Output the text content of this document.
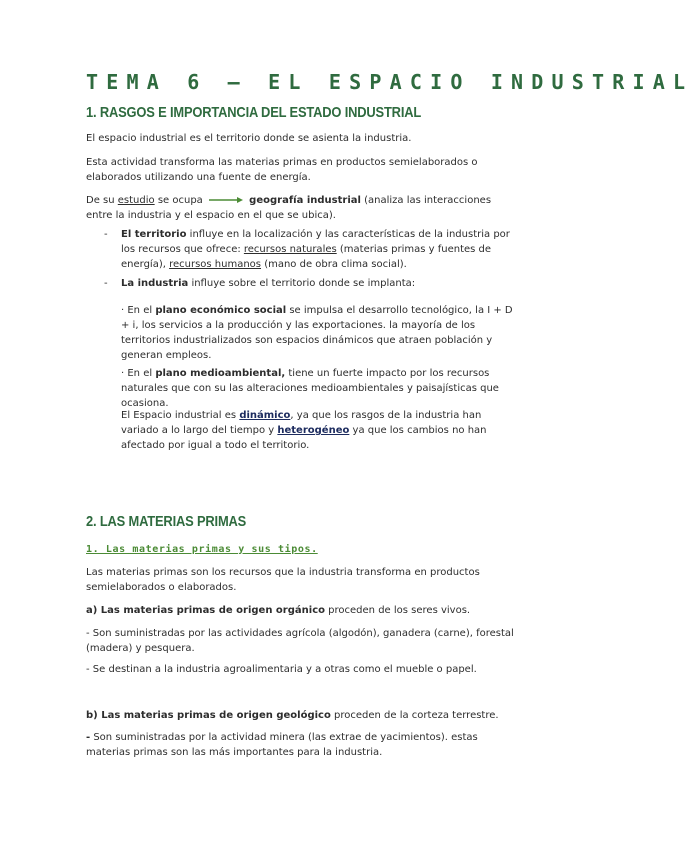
TEMA 6 – EL ESPACIO INDUSTRIAL
1. RASGOS E IMPORTANCIA DEL ESTADO INDUSTRIAL
El espacio industrial es el territorio donde se asienta la industria.
Esta actividad transforma las materias primas en productos semielaborados o elaborados utilizando una fuente de energía.
De su estudio se ocupa	geografía industrial (analiza las interacciones entre la industria y el espacio en el que se ubica).
- El territorio influye en la localización y las características de la industria por los recursos que ofrece: recursos naturales (materias primas y fuentes de energía), recursos humanos (mano de obra clima social).
- La industria influye sobre el territorio donde se implanta:
· En el plano económico social se impulsa el desarrollo tecnológico, la I + D + i, los servicios a la producción y las exportaciones. la mayoría de los territorios industrializados son espacios dinámicos que atraen población y generan empleos.
· En el plano medioambiental, tiene un fuerte impacto por los recursos naturales que con su las alteraciones medioambientales y paisajísticas que ocasiona.
El Espacio industrial es dinámico, ya que los rasgos de la industria han variado a lo largo del tiempo y heterogéneo ya que los cambios no han afectado por igual a todo el territorio.
2. LAS MATERIAS PRIMAS
1. Las materias primas y sus tipos.
Las materias primas son los recursos que la industria transforma en productos semielaborados o elaborados.
a) Las materias primas de origen orgánico proceden de los seres vivos.
- Son suministradas por las actividades agrícola (algodón), ganadera (carne), forestal (madera) y pesquera.
- Se destinan a la industria agroalimentaria y a otras como el mueble o papel.
b) Las materias primas de origen geológico proceden de la corteza terrestre.
- Son suministradas por la actividad minera (las extrae de yacimientos). estas materias primas son las más importantes para la industria.
